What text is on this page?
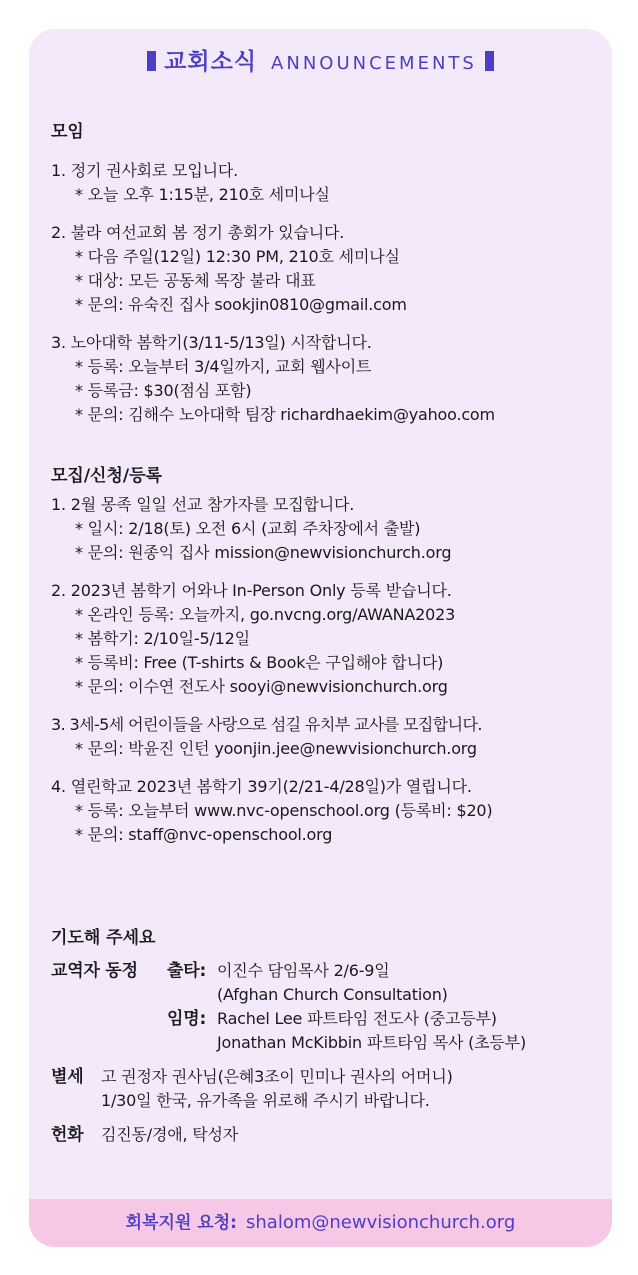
교회소식 ANNOUNCEMENTS
모임
1. 정기 권사회로 모입니다.
* 오늘 오후 1:15분, 210호 세미나실
2. 불라 여선교회 봄 정기 총회가 있습니다.
* 다음 주일(12일) 12:30 PM, 210호 세미나실
* 대상: 모든 공동체 목장 불라 대표
* 문의: 유숙진 집사 sookjin0810@gmail.com
3. 노아대학 봄학기(3/11-5/13일) 시작합니다.
* 등록: 오늘부터 3/4일까지, 교회 웹사이트
* 등록금: $30(점심 포함)
* 문의: 김해수 노아대학 팀장 richardhaekim@yahoo.com
모집/신청/등록
1. 2월 몽족 일일 선교 참가자를 모집합니다.
* 일시: 2/18(토) 오전 6시 (교회 주차장에서 출발)
* 문의: 원종익 집사 mission@newvisionchurch.org
2. 2023년 봄학기 어와나 In-Person Only 등록 받습니다.
* 온라인 등록: 오늘까지, go.nvcng.org/AWANA2023
* 봄학기: 2/10일-5/12일
* 등록비: Free (T-shirts & Book은 구입해야 합니다)
* 문의: 이수연 전도사 sooyi@newvisionchurch.org
3. 3세-5세 어린이들을 사랑으로 섬길 유치부 교사를 모집합니다.
* 문의: 박윤진 인턴 yoonjin.jee@newvisionchurch.org
4. 열린학교 2023년 봄학기 39기(2/21-4/28일)가 열립니다.
* 등록: 오늘부터 www.nvc-openschool.org (등록비: $20)
* 문의: staff@nvc-openschool.org
기도해 주세요
교역자 동정	출타: 이진수 담임목사 2/6-9일
(Afghan Church Consultation)
임명: Rachel Lee 파트타임 전도사 (중고등부)
Jonathan McKibbin 파트타임 목사 (초등부)
별세	고 권정자 권사님(은혜3조이 민미나 권사의 어머니)
1/30일 한국, 유가족을 위로해 주시기 바랍니다.
헌화	김진동/경애, 탁성자
회복지원 요청: shalom@newvisionchurch.org
